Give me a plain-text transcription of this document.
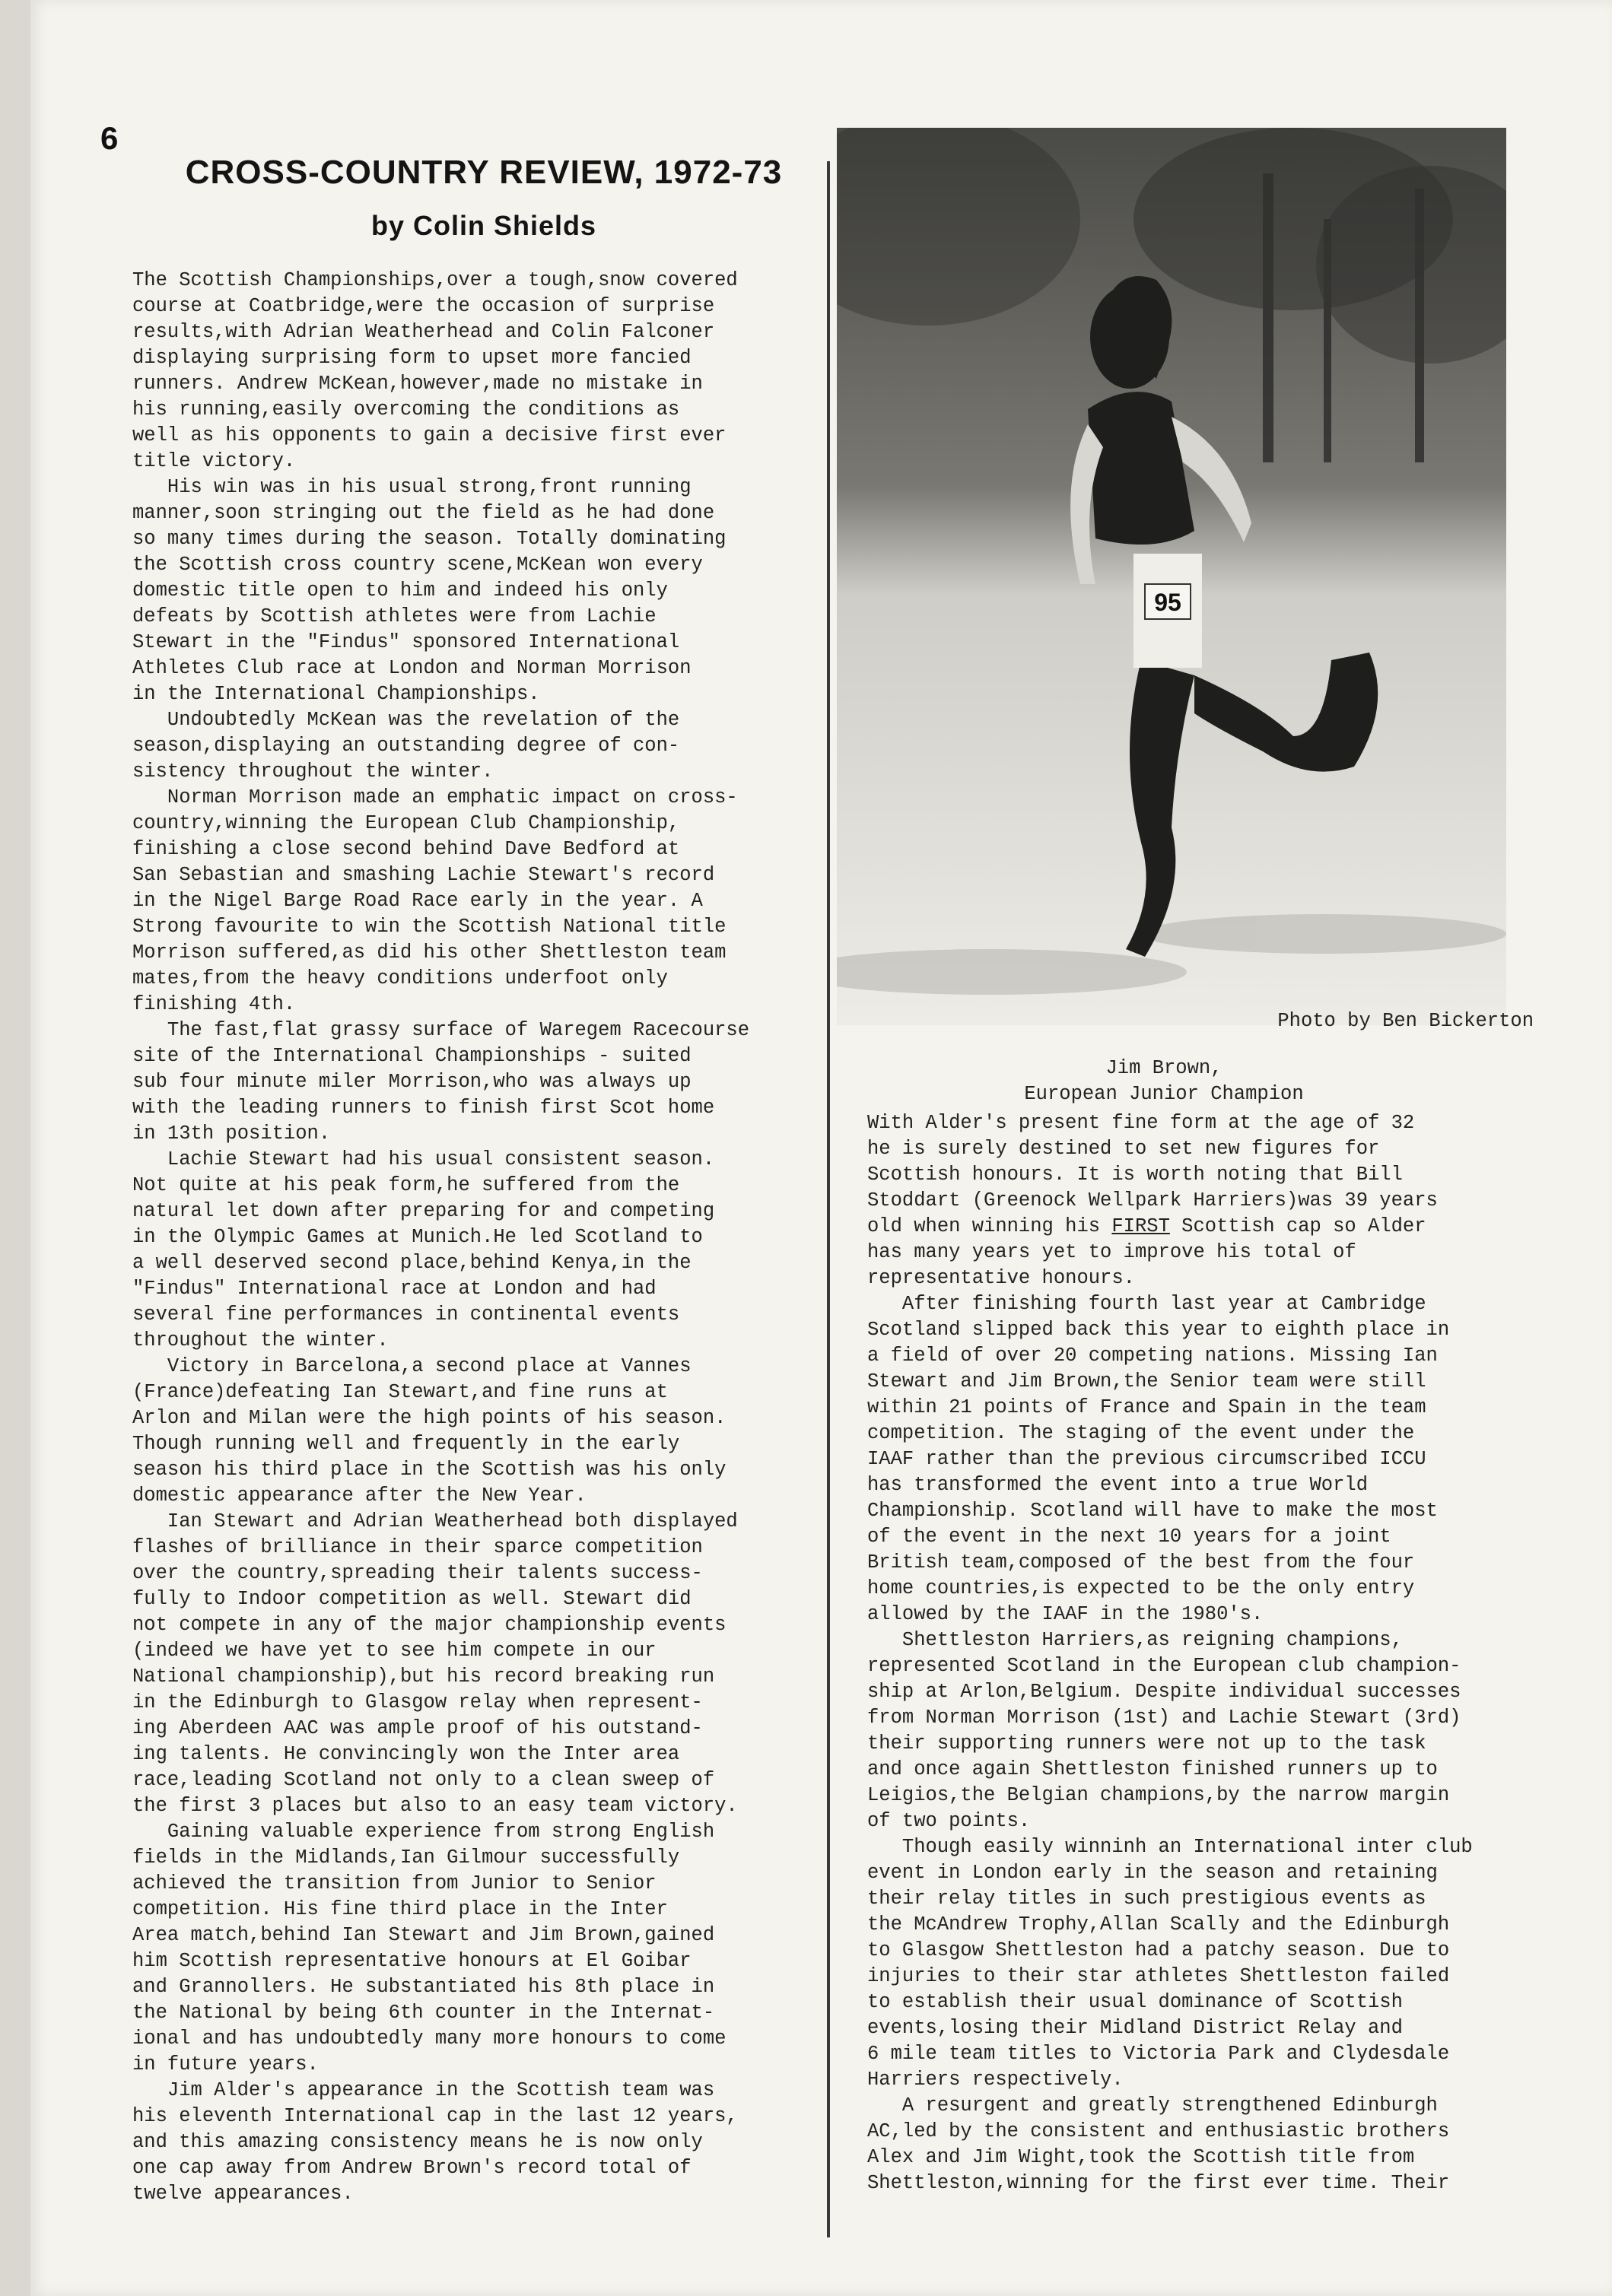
6
CROSS-COUNTRY REVIEW, 1972-73
by Colin Shields

The Scottish Championships,over a tough,snow covered

course at Coatbridge,were the occasion of surprise

results,with Adrian Weatherhead and Colin Falconer

displaying surprising form to upset more fancied

runners. Andrew McKean,however,made no mistake in

his running,easily overcoming the conditions as

well as his opponents to gain a decisive first ever

title victory.

His win was in his usual strong,front running

manner,soon stringing out the field as he had done

so many times during the season. Totally dominating

the Scottish cross country scene,McKean won every

domestic title open to him and indeed his only

defeats by Scottish athletes were from Lachie

Stewart in the "Findus" sponsored International

Athletes Club race at London and Norman Morrison

in the International Championships.

Undoubtedly McKean was the revelation of the

season,displaying an outstanding degree of con-

sistency throughout the winter.

Norman Morrison made an emphatic impact on cross-

country,winning the European Club Championship,

finishing a close second behind Dave Bedford at

San Sebastian and smashing Lachie Stewart's record

in the Nigel Barge Road Race early in the year. A

Strong favourite to win the Scottish National title

Morrison suffered,as did his other Shettleston team

mates,from the heavy conditions underfoot only

finishing 4th.

The fast,flat grassy surface of Waregem Racecourse

site of the International Championships - suited

sub four minute miler Morrison,who was always up

with the leading runners to finish first Scot home

in 13th position.

Lachie Stewart had his usual consistent season.

Not quite at his peak form,he suffered from the

natural let down after preparing for and competing

in the Olympic Games at Munich.He led Scotland to

a well deserved second place,behind Kenya,in the

"Findus" International race at London and had

several fine performances in continental events

throughout the winter.

Victory in Barcelona,a second place at Vannes

(France)defeating Ian Stewart,and fine runs at

Arlon and Milan were the high points of his season.

Though running well and frequently in the early

season his third place in the Scottish was his only

domestic appearance after the New Year.

Ian Stewart and Adrian Weatherhead both displayed

flashes of brilliance in their sparce competition

over the country,spreading their talents success-

fully to Indoor competition as well. Stewart did

not compete in any of the major championship events

(indeed we have yet to see him compete in our

National championship),but his record breaking run

in the Edinburgh to Glasgow relay when represent-

ing Aberdeen AAC was ample proof of his outstand-

ing talents. He convincingly won the Inter area

race,leading Scotland not only to a clean sweep of

the first 3 places but also to an easy team victory.

Gaining valuable experience from strong English

fields in the Midlands,Ian Gilmour successfully

achieved the transition from Junior to Senior

competition. His fine third place in the Inter

Area match,behind Ian Stewart and Jim Brown,gained

him Scottish representative honours at El Goibar

and Grannollers. He substantiated his 8th place in

the National by being 6th counter in the Internat-

ional and has undoubtedly many more honours to come

in future years.

Jim Alder's appearance in the Scottish team was

his eleventh International cap in the last 12 years,

and this amazing consistency means he is now only

one cap away from Andrew Brown's record total of

twelve appearances.

95
Photo by Ben Bickerton
Jim Brown,
European Junior Champion

With Alder's present fine form at the age of 32

he is surely destined to set new figures for

Scottish honours. It is worth noting that Bill

Stoddart (Greenock Wellpark Harriers)was 39 years

old when winning his FIRST Scottish cap so Alder

has many years yet to improve his total of

representative honours.

After finishing fourth last year at Cambridge

Scotland slipped back this year to eighth place in

a field of over 20 competing nations. Missing Ian

Stewart and Jim Brown,the Senior team were still

within 21 points of France and Spain in the team

competition. The staging of the event under the

IAAF rather than the previous circumscribed ICCU

has transformed the event into a true World

Championship. Scotland will have to make the most

of the event in the next 10 years for a joint

British team,composed of the best from the four

home countries,is expected to be the only entry

allowed by the IAAF in the 1980's.

Shettleston Harriers,as reigning champions,

represented Scotland in the European club champion-

ship at Arlon,Belgium. Despite individual successes

from Norman Morrison (1st) and Lachie Stewart (3rd)

their supporting runners were not up to the task

and once again Shettleston finished runners up to

Leigios,the Belgian champions,by the narrow margin

of two points.

Though easily winninh an International inter club

event in London early in the season and retaining

their relay titles in such prestigious events as

the McAndrew Trophy,Allan Scally and the Edinburgh

to Glasgow Shettleston had a patchy season. Due to

injuries to their star athletes Shettleston failed

to establish their usual dominance of Scottish

events,losing their Midland District Relay and

6 mile team titles to Victoria Park and Clydesdale

Harriers respectively.

A resurgent and greatly strengthened Edinburgh

AC,led by the consistent and enthusiastic brothers

Alex and Jim Wight,took the Scottish title from

Shettleston,winning for the first ever time. Their
